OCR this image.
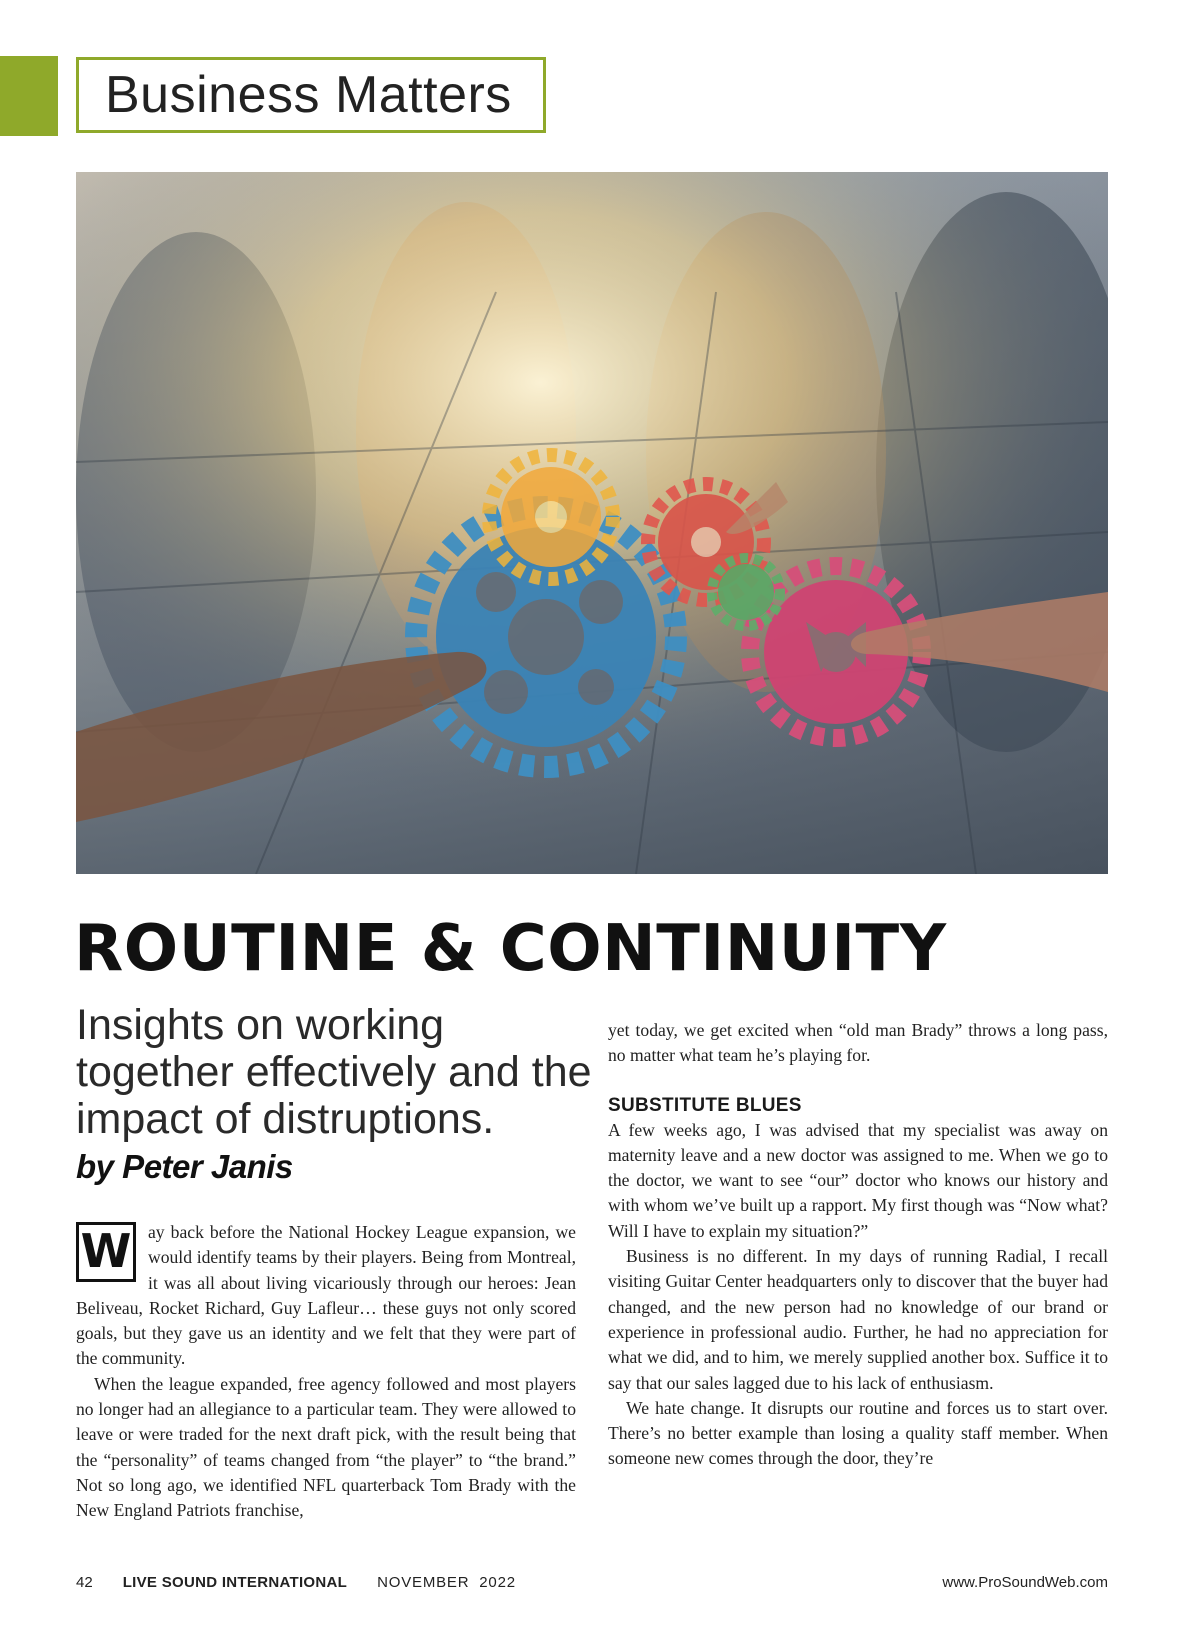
Business Matters
ROUTINE & CONTINUITY
Insights on working together effectively and the impact of distruptions.
by Peter Janis

W ay back before the National Hockey League expansion, we would identify teams by their players. Being from Montreal, it was all about living vicariously through our heroes: Jean Beliveau, Rocket Richard, Guy Lafleur… these guys not only scored goals, but they gave us an identity and we felt that they were part of the community.

When the league expanded, free agency followed and most players no longer had an allegiance to a particular team. They were allowed to leave or were traded for the next draft pick, with the result being that the “personality” of teams changed from “the player” to “the brand.” Not so long ago, we identified NFL quarterback Tom Brady with the New England Patriots franchise,

yet today, we get excited when “old man Brady” throws a long pass, no matter what team he’s playing for.

SUBSTITUTE BLUES

A few weeks ago, I was advised that my specialist was away on maternity leave and a new doctor was assigned to me. When we go to the doctor, we want to see “our” doctor who knows our history and with whom we’ve built up a rapport. My first though was “Now what? Will I have to explain my situation?”

Business is no different. In my days of running Radial, I recall visiting Guitar Center headquarters only to discover that the buyer had changed, and the new person had no knowledge of our brand or experience in professional audio. Further, he had no appreciation for what we did, and to him, we merely supplied another box. Suffice it to say that our sales lagged due to his lack of enthusiasm.

We hate change. It disrupts our routine and forces us to start over. There’s no better example than losing a quality staff member. When someone new comes through the door, they’re

42 LIVE SOUND INTERNATIONAL NOVEMBER  2022	www.ProSoundWeb.com
